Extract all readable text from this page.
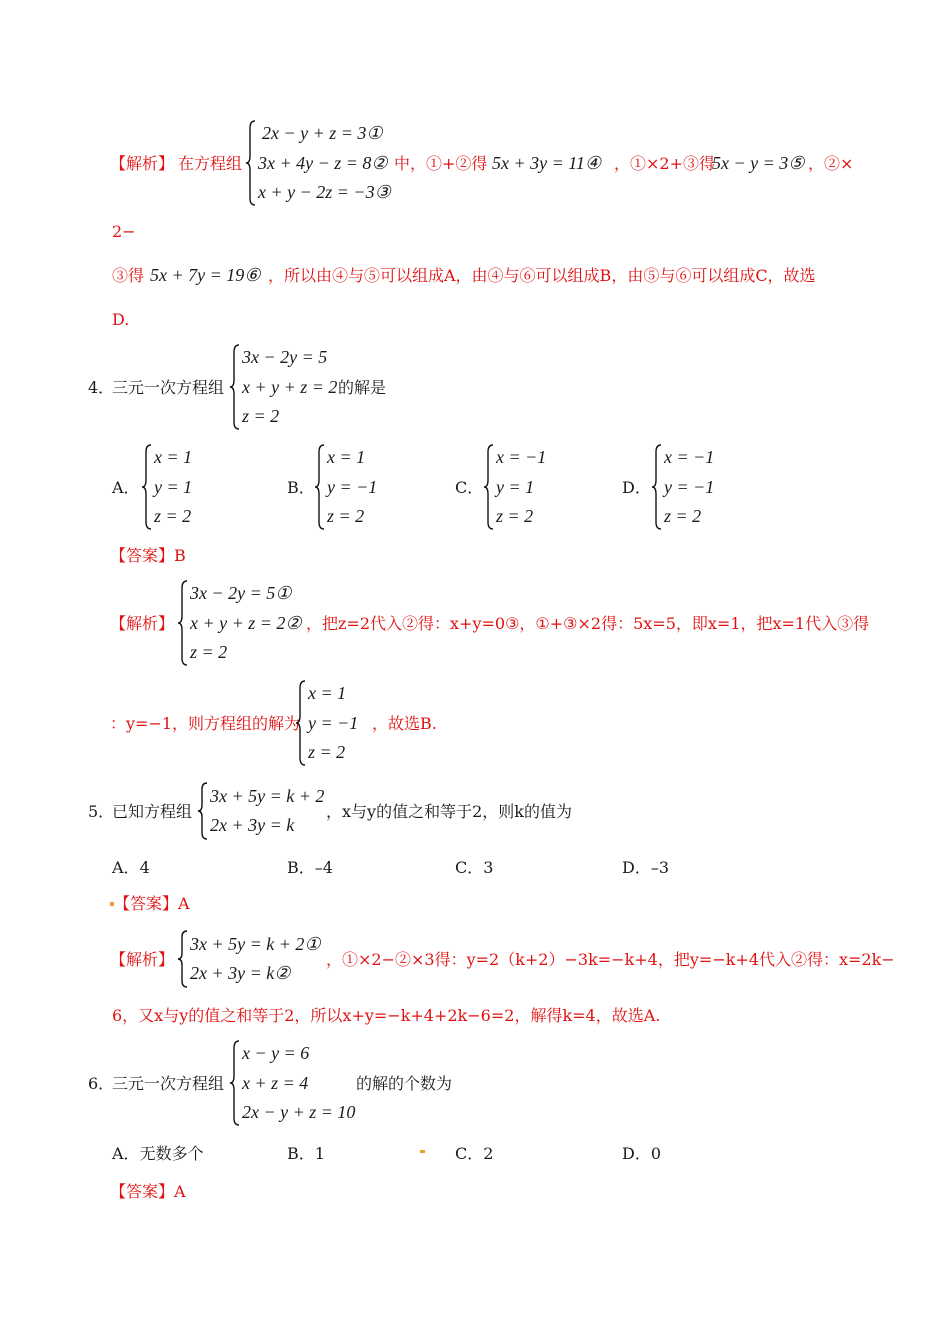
【解析】 在方程组
2x − y + z = 3①
3x + 4y − z = 8②
x + y − 2z = −3③
中，①+②得 5x + 3y = 11④ ，①×2+③得
5x − y = 3⑤ ，②×
2−
③得 5x + 7y = 19⑥ ，所以由④与⑤可以组成A，由④与⑥可以组成B，由⑤与⑥可以组成C，故选
D.
4．
三元一次方程组
3x − 2y = 5
x + y + z = 2
z = 2
的解是
A．
x = 1
y = 1
z = 2
B．
x = 1
y = −1
z = 2
C．
x = −1
y = 1
z = 2
D．
x = −1
y = −1
z = 2
【答案】B
【解析】
3x − 2y = 5①
x + y + z = 2②
z = 2
，把z=2代入②得：x+y=0③，①+③×2得：5x=5，即x=1，把x=1代入③得
：y=−1，则方程组的解为
x = 1
y = −1
z = 2
，故选B.
5．
已知方程组
3x + 5y = k + 2
2x + 3y = k
，x与y的值之和等于2，则k的值为
A．4	B．–4	C．3	D．–3
【答案】A
【解析】
3x + 5y = k + 2①
2x + 3y = k②
，①×2−②×3得：y=2（k+2）−3k=−k+4，把y=−k+4代入②得：x=2k−
6，又x与y的值之和等于2，所以x+y=−k+4+2k−6=2，解得k=4，故选A.
6．
三元一次方程组
x − y = 6
x + z = 4
2x − y + z = 10
的解的个数为
A．无数多个	B．1	C．2	D．0
【答案】A
